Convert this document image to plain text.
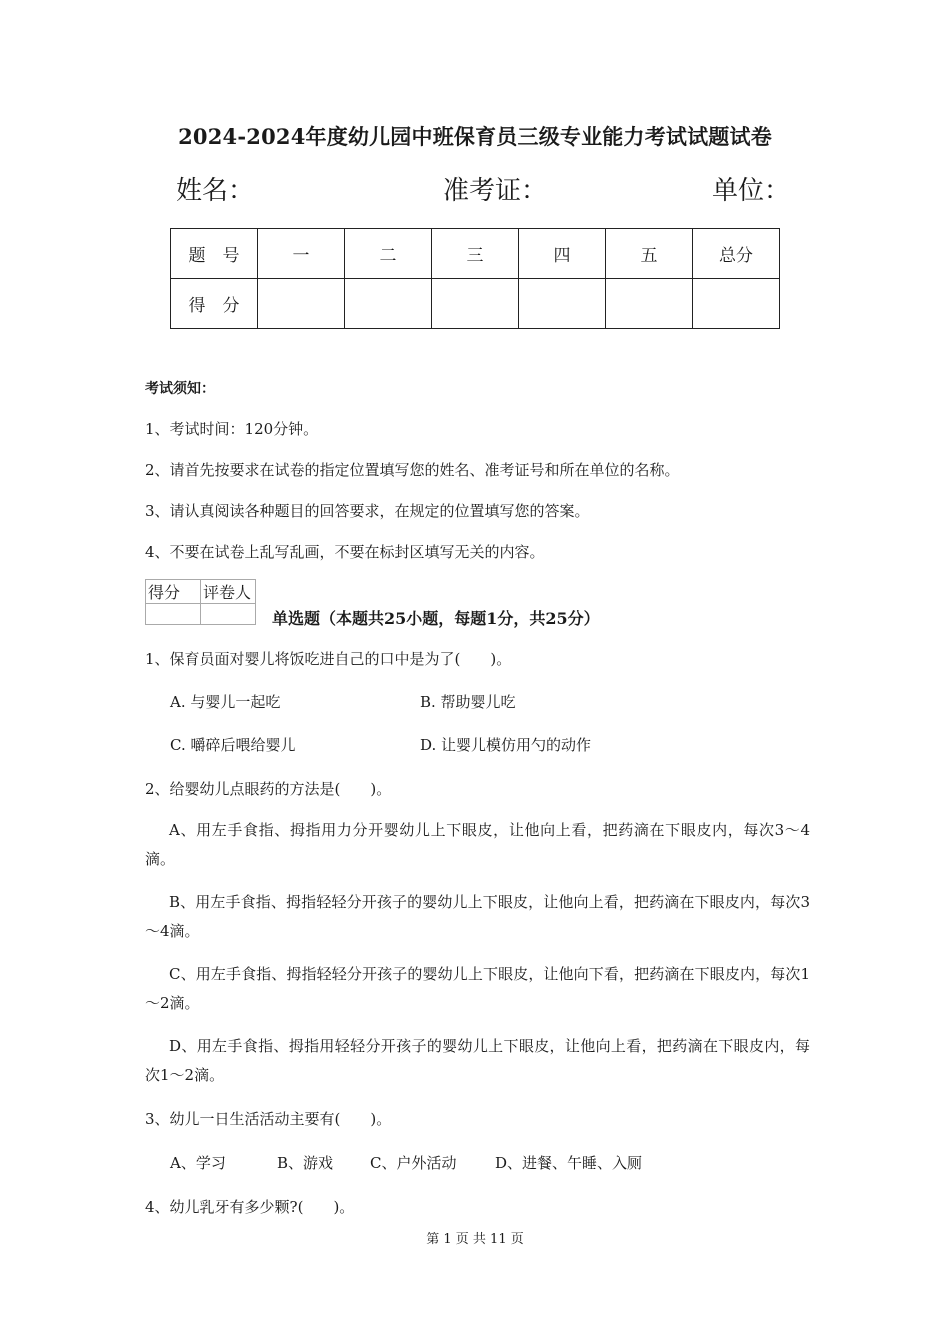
2024-2024年度幼儿园中班保育员三级专业能力考试试题试卷
姓名：	准考证：	单位：
题　号	一	二	三	四	五	总分
得　分						
考试须知：
1、考试时间：120分钟。
2、请首先按要求在试卷的指定位置填写您的姓名、准考证号和所在单位的名称。
3、请认真阅读各种题目的回答要求，在规定的位置填写您的答案。
4、不要在试卷上乱写乱画，不要在标封区填写无关的内容。
得分	评卷人

单选题（本题共25小题，每题1分，共25分）
1、保育员面对婴儿将饭吃进自己的口中是为了(　　)。
A. 与婴儿一起吃	B. 帮助婴儿吃
C. 嚼碎后喂给婴儿	D. 让婴儿模仿用勺的动作
2、给婴幼儿点眼药的方法是(　　)。
A、用左手食指、拇指用力分开婴幼儿上下眼皮，让他向上看，把药滴在下眼皮内，每次3～4滴。
B、用左手食指、拇指轻轻分开孩子的婴幼儿上下眼皮，让他向上看，把药滴在下眼皮内，每次3～4滴。
C、用左手食指、拇指轻轻分开孩子的婴幼儿上下眼皮，让他向下看，把药滴在下眼皮内，每次1～2滴。
D、用左手食指、拇指用轻轻分开孩子的婴幼儿上下眼皮，让他向上看，把药滴在下眼皮内，每次1～2滴。
3、幼儿一日生活活动主要有(　　)。
A、学习	B、游戏 C、户外活动	D、进餐、午睡、入厕
4、幼儿乳牙有多少颗?(　　)。
第 1 页 共 11 页
